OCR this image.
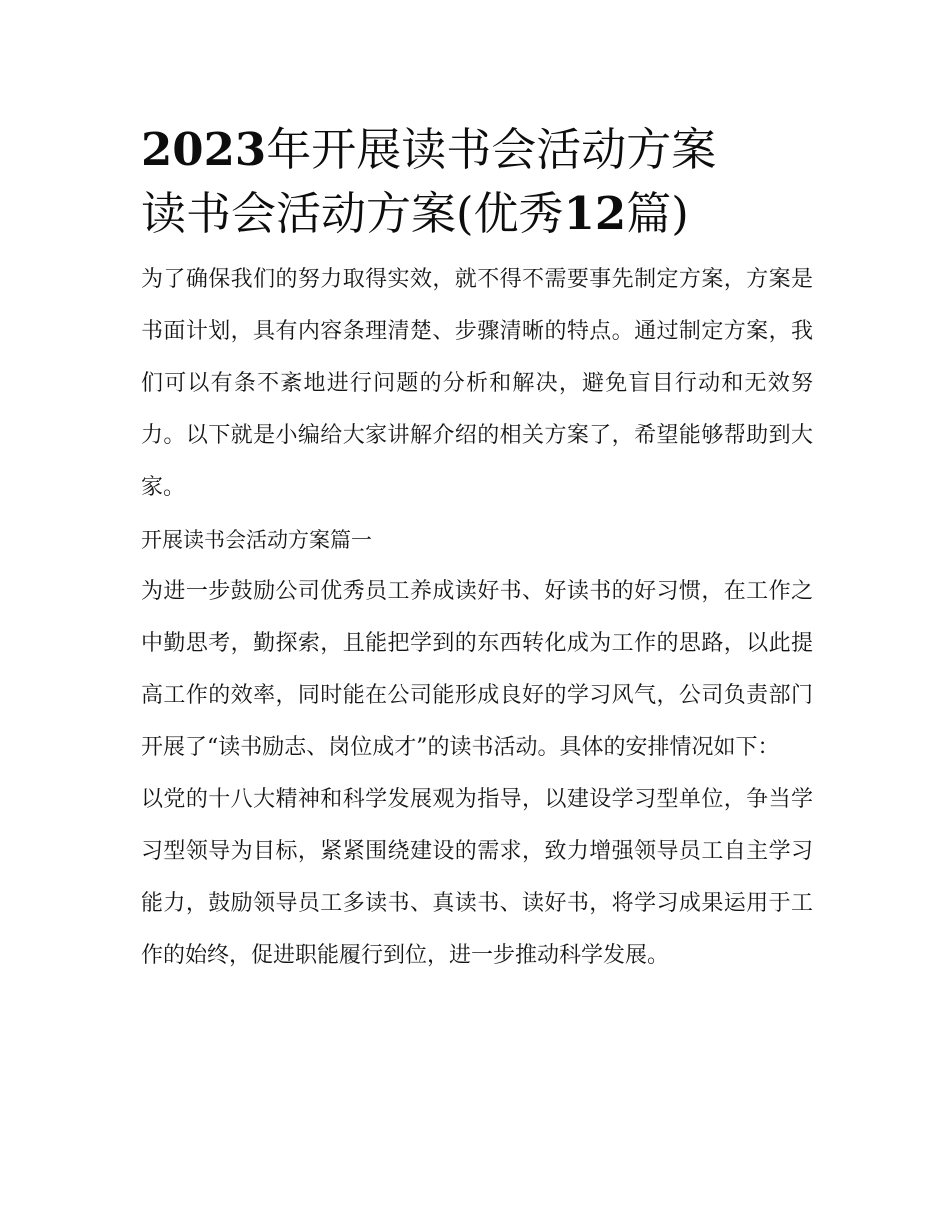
2023年开展读书会活动方案
读书会活动方案(优秀12篇)

为了确保我们的努力取得实效，就不得不需要事先制定方案，方案是书面计划，具有内容条理清楚、步骤清晰的特点。通过制定方案，我们可以有条不紊地进行问题的分析和解决，避免盲目行动和无效努力。以下就是小编给大家讲解介绍的相关方案了，希望能够帮助到大家。

开展读书会活动方案篇一

为进一步鼓励公司优秀员工养成读好书、好读书的好习惯，在工作之中勤思考，勤探索，且能把学到的东西转化成为工作的思路，以此提高工作的效率，同时能在公司能形成良好的学习风气，公司负责部门开展了“读书励志、岗位成才”的读书活动。具体的安排情况如下：

以党的十八大精神和科学发展观为指导，以建设学习型单位，争当学习型领导为目标，紧紧围绕建设的需求，致力增强领导员工自主学习能力，鼓励领导员工多读书、真读书、读好书，将学习成果运用于工作的始终，促进职能履行到位，进一步推动科学发展。
